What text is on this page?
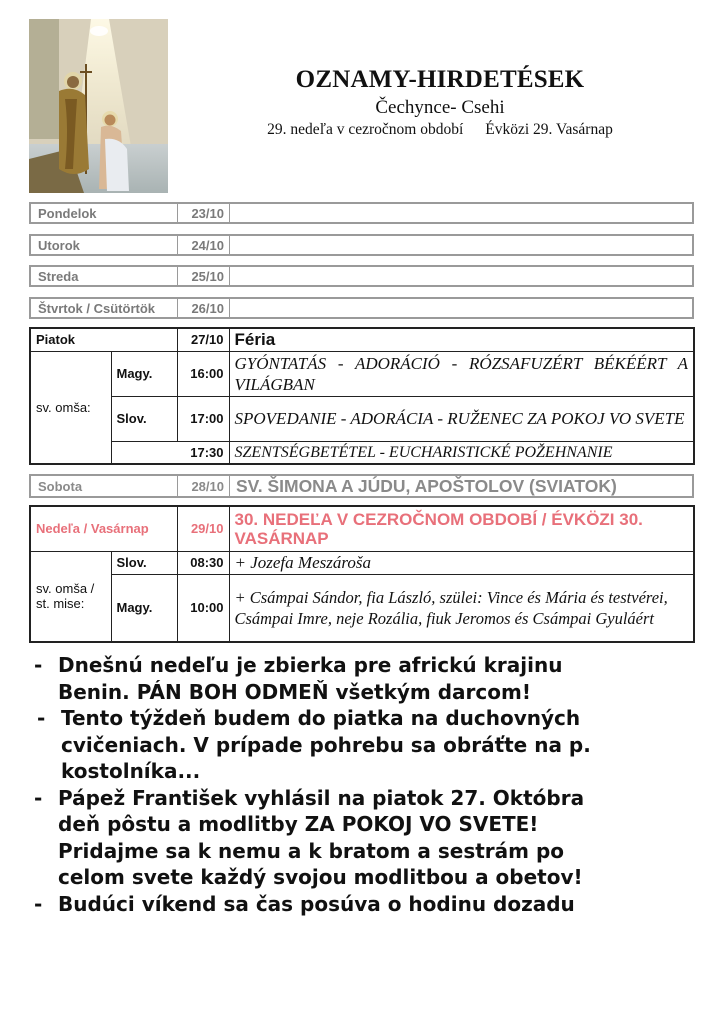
OZNAMY-HIRDETÉSEK
Čechynce- Csehi
29. nedeľa v cezročnom období Évközi 29. Vasárnap
Pondelok	23/10
Utorok	24/10
Streda	25/10
Štvrtok / Csütörtök	26/10
Piatok		27/10	Féria
sv. omša:	Magy.	16:00	GYÓNTATÁS - ADORÁCIÓ - RÓZSAFUZÉRT BÉKÉÉRT A VILÁGBAN
	Slov.	17:00	SPOVEDANIE - ADORÁCIA - RUŽENEC ZA POKOJ VO SVETE
	17:30		SZENTSÉGBETÉTEL - EUCHARISTICKÉ POŽEHNANIE
Sobota	28/10 SV. ŠIMONA A JÚDU, APOŠTOLOV (SVIATOK)
Nedeľa / Vasárnap		29/10	30. NEDEĽA V CEZROČNOM OBDOBÍ / ÉVKÖZI 30. VASÁRNAP

sv. omša /
st. mise:	Slov.	08:30	+ Jozefa Meszároša
	Magy.	10:00	+ Csámpai Sándor, fia László, szülei: Vince és Mária és testvérei, Csámpai Imre, neje Rozália, fiuk Jeromos és Csámpai Gyuláért
- Dnešnú nedeľu je zbierka pre africkú krajinu
Benin. PÁN BOH ODMEŇ všetkým darcom!
- Tento týždeň budem do piatka na duchovných
cvičeniach. V prípade pohrebu sa obráťte na p.
kostolníka...
- Pápež František vyhlásil na piatok 27. Októbra
deň pôstu a modlitby ZA POKOJ VO SVETE!
Pridajme sa k nemu a k bratom a sestrám po
celom svete každý svojou modlitbou a obetov!
- Budúci víkend sa čas posúva o hodinu dozadu
